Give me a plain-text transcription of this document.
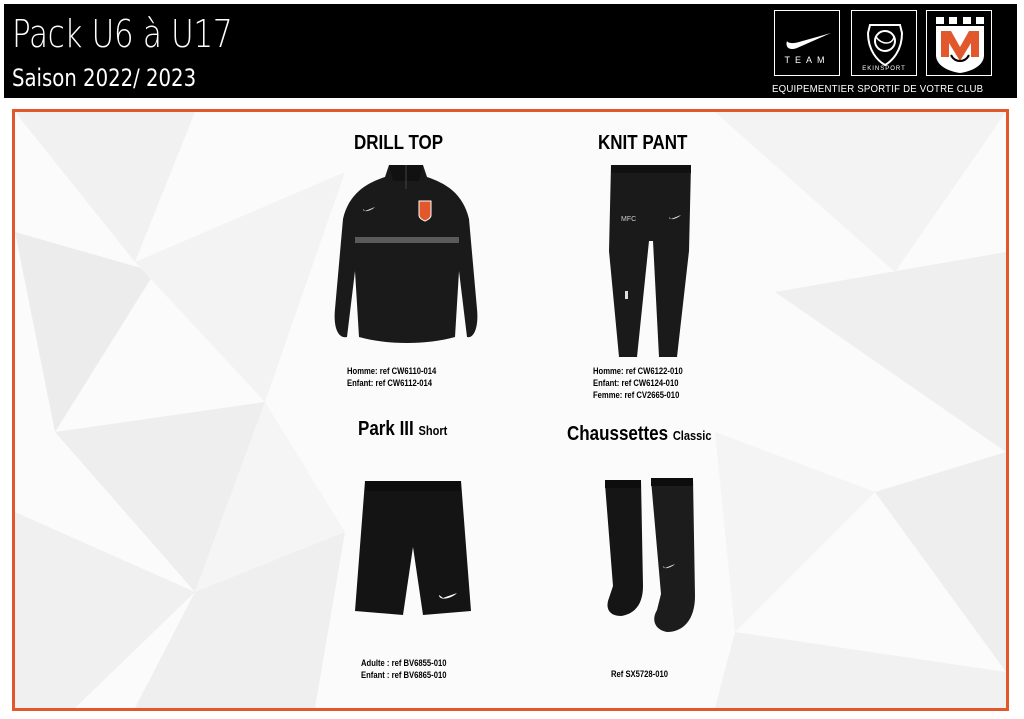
Pack U6 à U17
Saison 2022/ 2023
TEAM
EKINSPORT
EQUIPEMENTIER SPORTIF DE VOTRE CLUB
DRILL TOP
Homme: ref CW6110-014
Enfant: ref CW6112-014
KNIT PANT
MFC
Homme: ref CW6122-010
Enfant: ref CW6124-010
Femme: ref CV2665-010
Park III Short
Adulte : ref BV6855-010
Enfant : ref BV6865-010
Chaussettes Classic
Ref SX5728-010
